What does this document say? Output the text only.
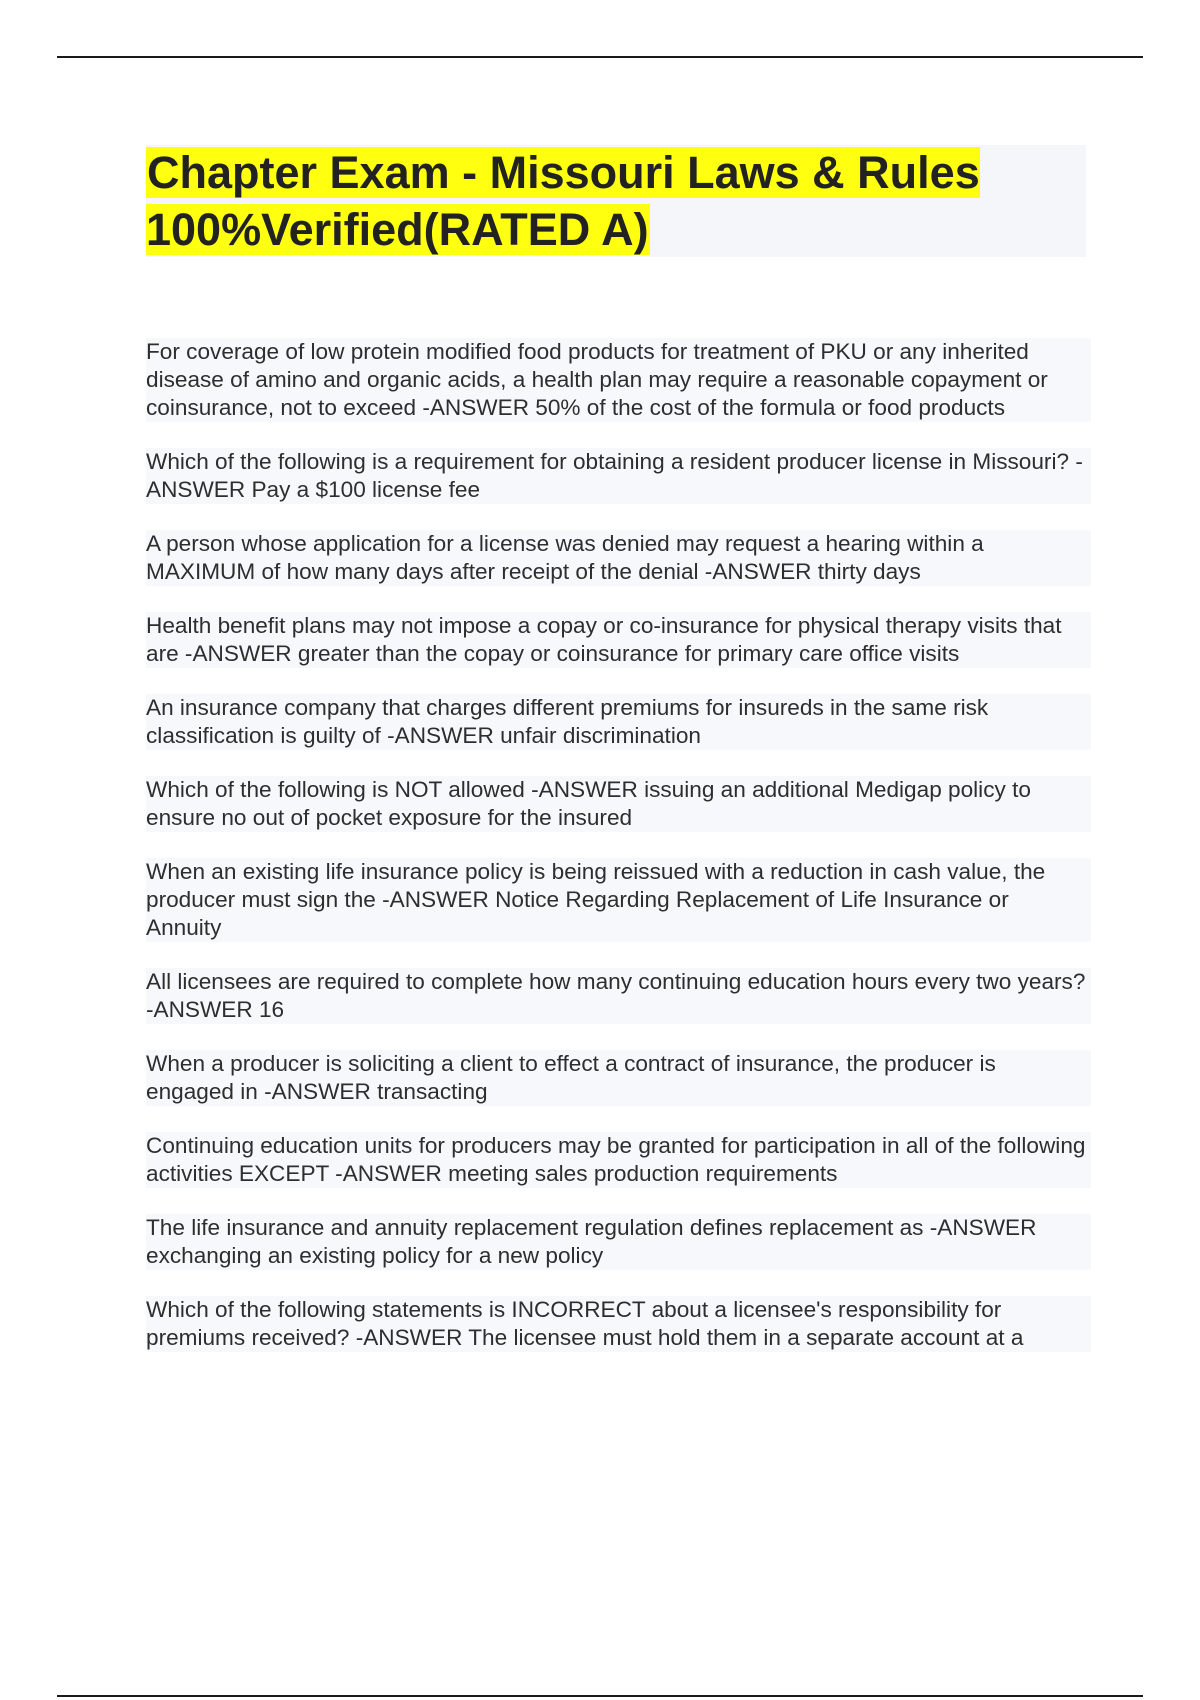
Chapter Exam - Missouri Laws & Rules 100%Verified(RATED A)

For coverage of low protein modified food products for treatment of PKU or any inherited disease of amino and organic acids, a health plan may require a reasonable copayment or coinsurance, not to exceed -ANSWER 50% of the cost of the formula or food products

Which of the following is a requirement for obtaining a resident producer license in Missouri? -ANSWER Pay a $100 license fee

A person whose application for a license was denied may request a hearing within a MAXIMUM of how many days after receipt of the denial -ANSWER thirty days

Health benefit plans may not impose a copay or co-insurance for physical therapy visits that are -ANSWER greater than the copay or coinsurance for primary care office visits

An insurance company that charges different premiums for insureds in the same risk classification is guilty of -ANSWER unfair discrimination

Which of the following is NOT allowed -ANSWER issuing an additional Medigap policy to ensure no out of pocket exposure for the insured

When an existing life insurance policy is being reissued with a reduction in cash value, the producer must sign the -ANSWER Notice Regarding Replacement of Life Insurance or Annuity

All licensees are required to complete how many continuing education hours every two years? -ANSWER 16

When a producer is soliciting a client to effect a contract of insurance, the producer is engaged in -ANSWER transacting

Continuing education units for producers may be granted for participation in all of the following activities EXCEPT -ANSWER meeting sales production requirements

The life insurance and annuity replacement regulation defines replacement as -ANSWER exchanging an existing policy for a new policy

Which of the following statements is INCORRECT about a licensee's responsibility for premiums received? -ANSWER The licensee must hold them in a separate account at a
